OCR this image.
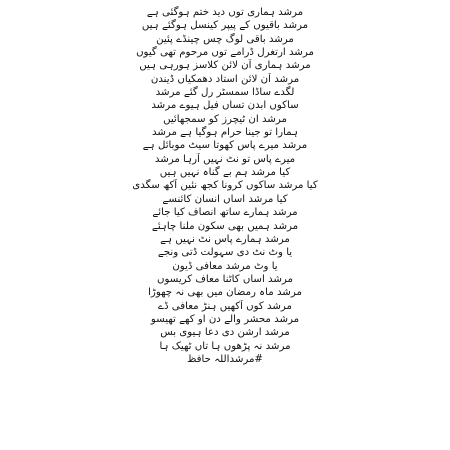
مرشد ہماری توں دید ختم ہوگئی ہے
مرشد باقیوں کے پیپر کینسل ہوگئے ہیں
مرشد باقی لوگ چس چینڈے پئین
مرشد ارتغرل ڈرامے توں مرحوم تھی گیوں
مرشد ہماری آن لائن کلاسز ہورہی ہیں
مرشد آن لائن استاد دھمکیاں ڈیندن
لگدے ساڈا سمسٹر رل گئے مرشد
ساکوں ابدن تساں فیل ہیوے مرشد
مرشد ان ٹیچرز کو سمجھائیں
ہمارا تو جینا حرام ہوگیا ہے مرشد
مرشد میرے پاس کھوتا سیٹ موبائل ہے
میرے پاس تو نٹ نہیں آرہا مرشد
کیا مرشد ہم بے گناہ نہیں ہیں
کیا مرشد ساکوں کرونا کجھ نئیں آکھ سگدی
کیا مرشد اساں انسان کائنسے
مرشد ہمارے ساتھ انصاف کیا جائے
مرشد ہمیں بھی سکون ملنا چاہئے
مرشد ہمارے پاس نٹ نہیں ہے
یا وٹ نٹ دی سہولت ڈتی ونجے
یا وٹ مرشد معافی ڈیون
مرشد اساں کاٹنا معاف کریسوں
مرشد ماہ رمضان میں بھی نہ چھوڑا
مرشد کوں آکھیں ہنڑ معافی ڈے
مرشد محشر والے دن او کھے تھیسو
مرشد ارشن دی دعا ہیوی بس
مرشد نہ پڑھوں ہا تاں ٹھیک ہا
#مرشداللہ حافظ
